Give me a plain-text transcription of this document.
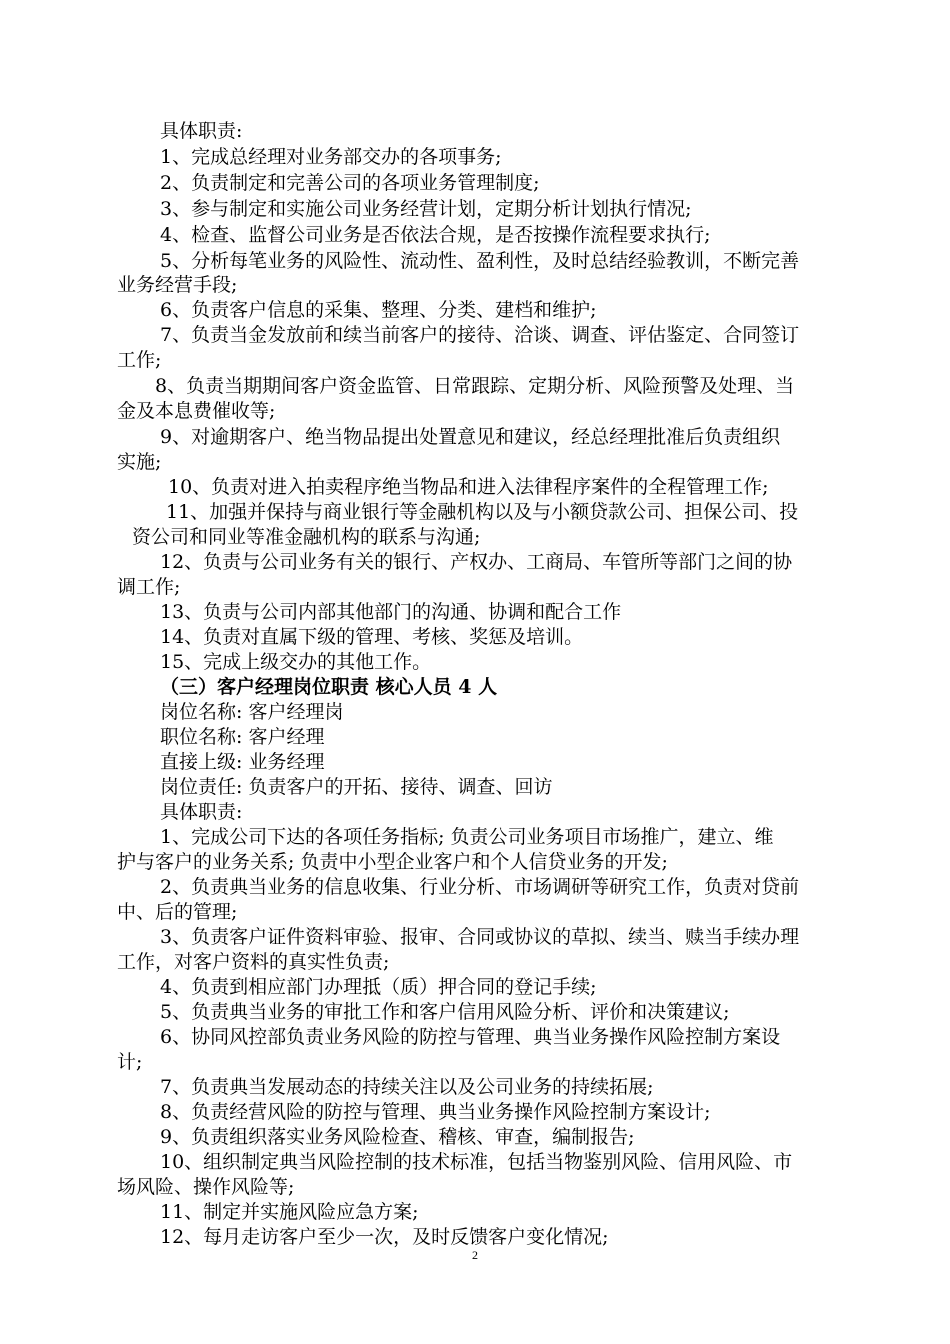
具体职责:
1、完成总经理对业务部交办的各项事务;
2、负责制定和完善公司的各项业务管理制度;
3、参与制定和实施公司业务经营计划，定期分析计划执行情况;
4、检查、监督公司业务是否依法合规，是否按操作流程要求执行;
5、分析每笔业务的风险性、流动性、盈利性，及时总结经验教训，不断完善
业务经营手段;
6、负责客户信息的采集、整理、分类、建档和维护;
7、负责当金发放前和续当前客户的接待、洽谈、调查、评估鉴定、合同签订
工作;
8、负责当期期间客户资金监管、日常跟踪、定期分析、风险预警及处理、当
金及本息费催收等;
9、对逾期客户、绝当物品提出处置意见和建议，经总经理批准后负责组织
实施;
10、负责对进入拍卖程序绝当物品和进入法律程序案件的全程管理工作;
11、加强并保持与商业银行等金融机构以及与小额贷款公司、担保公司、投
资公司和同业等准金融机构的联系与沟通;
12、负责与公司业务有关的银行、产权办、工商局、车管所等部门之间的协
调工作;
13、负责与公司内部其他部门的沟通、协调和配合工作
14、负责对直属下级的管理、考核、奖惩及培训。
15、完成上级交办的其他工作。
（三）客户经理岗位职责 核心人员 4 人
岗位名称: 客户经理岗
职位名称: 客户经理
直接上级: 业务经理
岗位责任: 负责客户的开拓、接待、调查、回访
具体职责:
1、完成公司下达的各项任务指标; 负责公司业务项目市场推广，建立、维
护与客户的业务关系; 负责中小型企业客户和个人信贷业务的开发;
2、负责典当业务的信息收集、行业分析、市场调研等研究工作，负责对贷前
中、后的管理;
3、负责客户证件资料审验、报审、合同或协议的草拟、续当、赎当手续办理
工作，对客户资料的真实性负责;
4、负责到相应部门办理抵（质）押合同的登记手续;
5、负责典当业务的审批工作和客户信用风险分析、评价和决策建议;
6、协同风控部负责业务风险的防控与管理、典当业务操作风险控制方案设
计;
7、负责典当发展动态的持续关注以及公司业务的持续拓展;
8、负责经营风险的防控与管理、典当业务操作风险控制方案设计;
9、负责组织落实业务风险检查、稽核、审查，编制报告;
10、组织制定典当风险控制的技术标准，包括当物鉴别风险、信用风险、市
场风险、操作风险等;
11、制定并实施风险应急方案;
12、每月走访客户至少一次，及时反馈客户变化情况;
2
